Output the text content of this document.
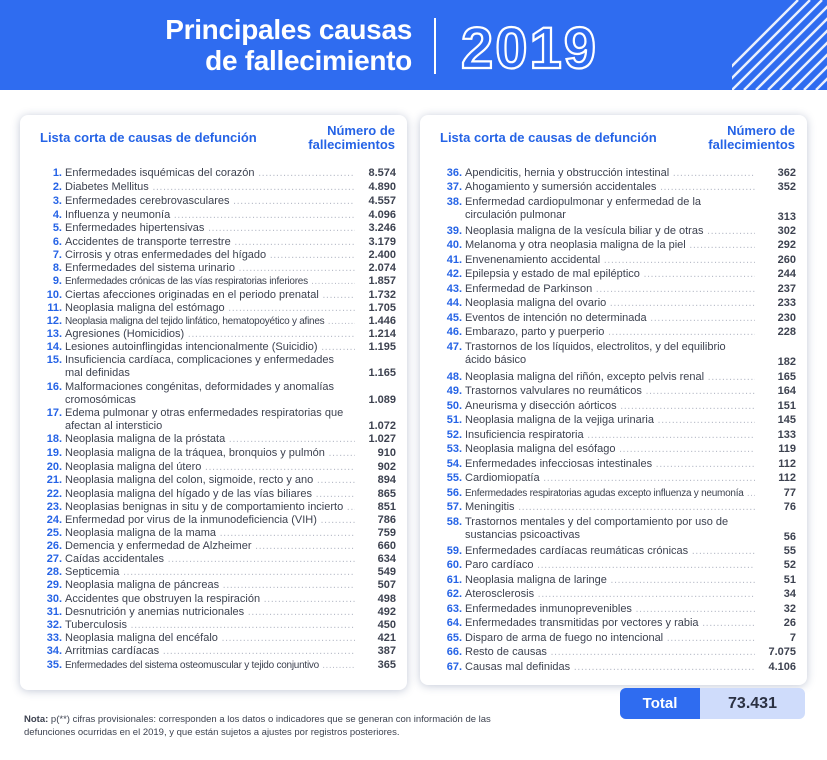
Principales causas
de fallecimiento 2019
Lista corta de causas de defunción	Número de
fallecimientos
1. Enfermedades isquémicas del corazón .....	8.574
2. Diabetes Mellitus .....	4.890
3. Enfermedades cerebrovasculares .....	4.557
4. Influenza y neumonía .....	4.096
5. Enfermedades hipertensivas .....	3.246
6. Accidentes de transporte terrestre .....	3.179
7. Cirrosis y otras enfermedades del hígado .....	2.400
8. Enfermedades del sistema urinario .....	2.074
9. Enfermedades crónicas de las vías respiratorias inferiores .....	1.857
10. Ciertas afecciones originadas en el periodo prenatal .....	1.732
11. Neoplasia maligna del estómago .....	1.705
12. Neoplasia maligna del tejido linfático, hematopoyético y afines .....	1.446
13. Agresiones (Homicidios) .....	1.214
14. Lesiones autoinflingidas intencionalmente (Suicidio) .....	1.195
15. Insuficiencia cardíaca, complicaciones y enfermedades mal definidas	1.165
16. Malformaciones congénitas, deformidades y anomalías cromosómicas	1.089
17. Edema pulmonar y otras enfermedades respiratorias que afectan al intersticio	1.072
18. Neoplasia maligna de la próstata .....	1.027
19. Neoplasia maligna de la tráquea, bronquios y pulmón .....	910
20. Neoplasia maligna del útero .....	902
21. Neoplasia maligna del colon, sigmoide, recto y ano .....	894
22. Neoplasia maligna del hígado y de las vías biliares .....	865
23. Neoplasias benignas in situ y de comportamiento incierto .....	851
24. Enfermedad por virus de la inmunodeficiencia (VIH) .....	786
25. Neoplasia maligna de la mama .....	759
26. Demencia y enfermedad de Alzheimer .....	660
27. Caídas accidentales .....	634
28. Septicemia .....	549
29. Neoplasia maligna de páncreas .....	507
30. Accidentes que obstruyen la respiración .....	498
31. Desnutrición y anemias nutricionales .....	492
32. Tuberculosis .....	450
33. Neoplasia maligna del encéfalo .....	421
34. Arritmias cardíacas .....	387
35. Enfermedades del sistema osteomuscular y tejido conjuntivo .....	365
Lista corta de causas de defunción	Número de
fallecimientos
36. Apendicitis, hernia y obstrucción intestinal .....	362
37. Ahogamiento y sumersión accidentales .....	352
38. Enfermedad cardiopulmonar y enfermedad de la circulación pulmonar	313
39. Neoplasia maligna de la vesícula biliar y de otras .....	302
40. Melanoma y otra neoplasia maligna de la piel .....	292
41. Envenenamiento accidental .....	260
42. Epilepsia y estado de mal epiléptico .....	244
43. Enfermedad de Parkinson .....	237
44. Neoplasia maligna del ovario .....	233
45. Eventos de intención no determinada .....	230
46. Embarazo, parto y puerperio .....	228
47. Trastornos de los líquidos, electrolitos, y del equilibrio ácido básico	182
48. Neoplasia maligna del riñón, excepto pelvis renal .....	165
49. Trastornos valvulares no reumáticos .....	164
50. Aneurisma y disección aórticos .....	151
51. Neoplasia maligna de la vejiga urinaria .....	145
52. Insuficiencia respiratoria .....	133
53. Neoplasia maligna del esófago .....	119
54. Enfermedades infecciosas intestinales .....	112
55. Cardiomiopatía .....	112
56. Enfermedades respiratorias agudas excepto influenza y neumonía .....	77
57. Meningitis .....	76
58. Trastornos mentales y del comportamiento por uso de sustancias psicoactivas	56
59. Enfermedades cardíacas reumáticas crónicas .....	55
60. Paro cardíaco .....	52
61. Neoplasia maligna de laringe .....	51
62. Aterosclerosis .....	34
63. Enfermedades inmunoprevenibles .....	32
64. Enfermedades transmitidas por vectores y rabia .....	26
65. Disparo de arma de fuego no intencional .....	7
66. Resto de causas .....	7.075
67. Causas mal definidas .....	4.106
Total	73.431
Nota: p(**) cifras provisionales: corresponden a los datos o indicadores que se generan con información de las defunciones ocurridas en el 2019, y que están sujetos a ajustes por registros posteriores.
